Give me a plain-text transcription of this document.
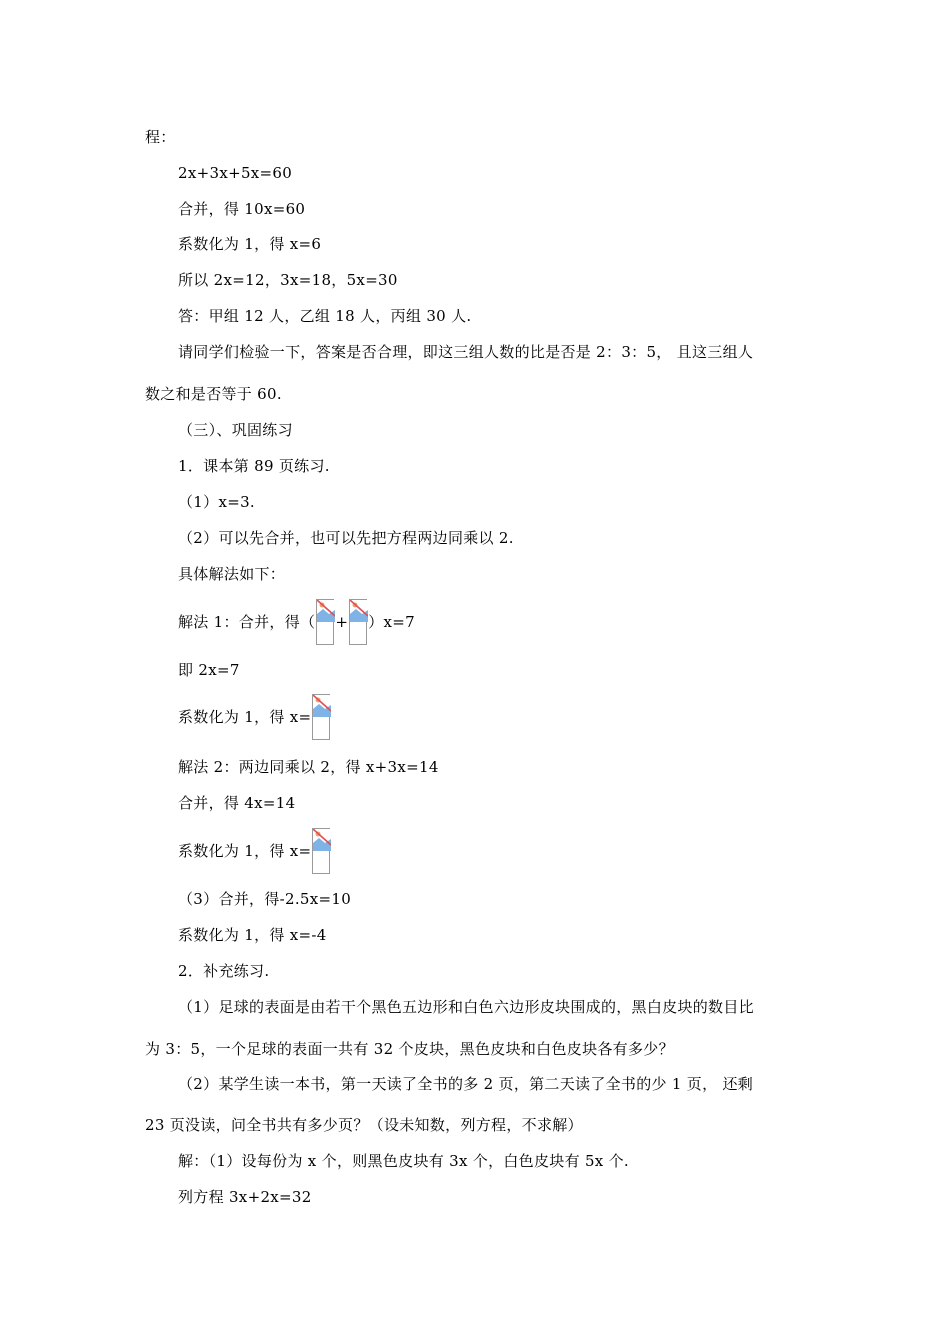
程：
2x+3x+5x=60
合并，得 10x=60
系数化为 1，得 x=6
所以 2x=12，3x=18，5x=30
答：甲组 12 人，乙组 18 人，丙组 30 人.
请同学们检验一下，答案是否合理，即这三组人数的比是否是 2：3：5， 且这三组人
数之和是否等于 60.
（三）、巩固练习
1．课本第 89 页练习.
（1）x=3.
（2）可以先合并，也可以先把方程两边同乘以 2.
具体解法如下：
解法 1：合并，得（ + ）x=7
即 2x=7
系数化为 1，得 x=
解法 2：两边同乘以 2，得 x+3x=14
合并，得 4x=14
系数化为 1，得 x=
（3）合并，得-2.5x=10
系数化为 1，得 x=-4
2．补充练习.
（1）足球的表面是由若干个黑色五边形和白色六边形皮块围成的，黑白皮块的数目比
为 3：5，一个足球的表面一共有 32 个皮块，黑色皮块和白色皮块各有多少？
（2）某学生读一本书，第一天读了全书的多 2 页，第二天读了全书的少 1 页， 还剩
23 页没读，问全书共有多少页？（设未知数，列方程，不求解）
解：（1）设每份为 x 个，则黑色皮块有 3x 个，白色皮块有 5x 个.
列方程 3x+2x=32
